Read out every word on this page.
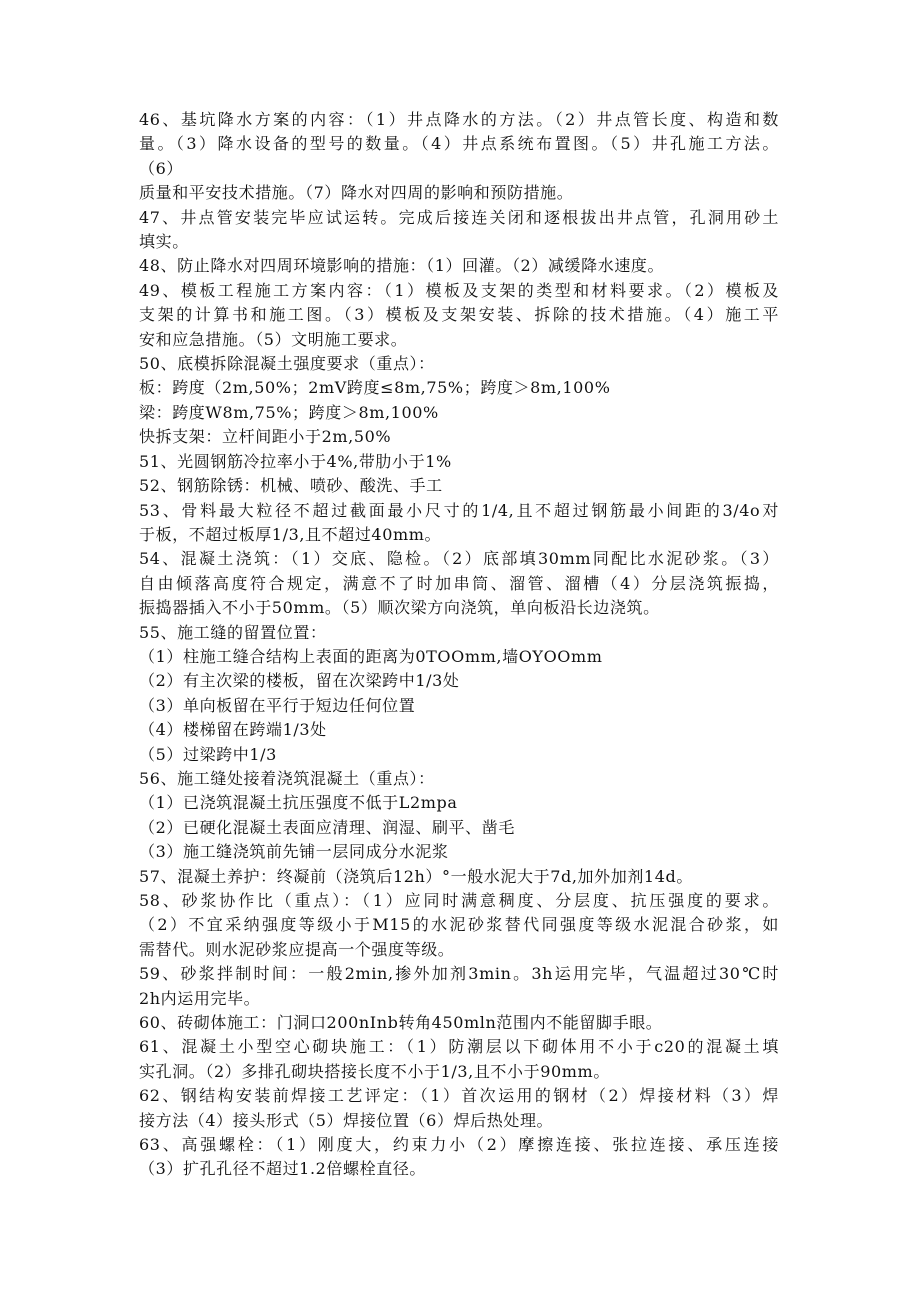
46、基坑降水方案的内容：（1）井点降水的方法。（2）井点管长度、构造和数
量。（3）降水设备的型号的数量。（4）井点系统布置图。（5）井孔施工方法。
（6）
质量和平安技术措施。（7）降水对四周的影响和预防措施。
47、井点管安装完毕应试运转。完成后接连关闭和逐根拔出井点管，孔洞用砂土
填实。
48、防止降水对四周环境影响的措施：（1）回灌。（2）减缓降水速度。
49、模板工程施工方案内容：（1）模板及支架的类型和材料要求。（2）模板及
支架的计算书和施工图。（3）模板及支架安装、拆除的技术措施。（4）施工平
安和应急措施。（5）文明施工要求。
50、底模拆除混凝土强度要求（重点）：
板：跨度（2m,50%；2mV跨度≤8m,75%；跨度＞8m,100%
梁：跨度W8m,75%；跨度＞8m,100%
快拆支架：立杆间距小于2m,50%
51、光圆钢筋冷拉率小于4%,带肋小于1%
52、钢筋除锈：机械、喷砂、酸洗、手工
53、骨料最大粒径不超过截面最小尺寸的1/4,且不超过钢筋最小间距的3/4o对
于板，不超过板厚1/3,且不超过40mm。
54、混凝土浇筑：（1）交底、隐检。（2）底部填30mm同配比水泥砂浆。（3）
自由倾落高度符合规定，满意不了时加串筒、溜管、溜槽（4）分层浇筑振捣，
振捣器插入不小于50mm。（5）顺次梁方向浇筑，单向板沿长边浇筑。
55、施工缝的留置位置：
（1）柱施工缝合结构上表面的距离为0TOOmm,墙OYOOmm
（2）有主次梁的楼板，留在次梁跨中1/3处
（3）单向板留在平行于短边任何位置
（4）楼梯留在跨端1/3处
（5）过梁跨中1/3
56、施工缝处接着浇筑混凝土（重点）：
（1）已浇筑混凝土抗压强度不低于L2mpa
（2）已硬化混凝土表面应清理、润湿、刷平、凿毛
（3）施工缝浇筑前先铺一层同成分水泥浆
57、混凝土养护：终凝前（浇筑后12h）°一般水泥大于7d,加外加剂14d。
58、砂浆协作比（重点）：（1）应同时满意稠度、分层度、抗压强度的要求。
（2）不宜采纳强度等级小于M15的水泥砂浆替代同强度等级水泥混合砂浆，如
需替代。则水泥砂浆应提高一个强度等级。
59、砂浆拌制时间：一般2min,掺外加剂3min。3h运用完毕，气温超过30℃时
2h内运用完毕。
60、砖砌体施工：门洞口200nInb转角450mln范围内不能留脚手眼。
61、混凝土小型空心砌块施工：（1）防潮层以下砌体用不小于c20的混凝土填
实孔洞。（2）多排孔砌块搭接长度不小于1/3,且不小于90mm。
62、钢结构安装前焊接工艺评定：（1）首次运用的钢材（2）焊接材料（3）焊
接方法（4）接头形式（5）焊接位置（6）焊后热处理。
63、高强螺栓：（1）刚度大，约束力小（2）摩擦连接、张拉连接、承压连接
（3）扩孔孔径不超过1.2倍螺栓直径。
